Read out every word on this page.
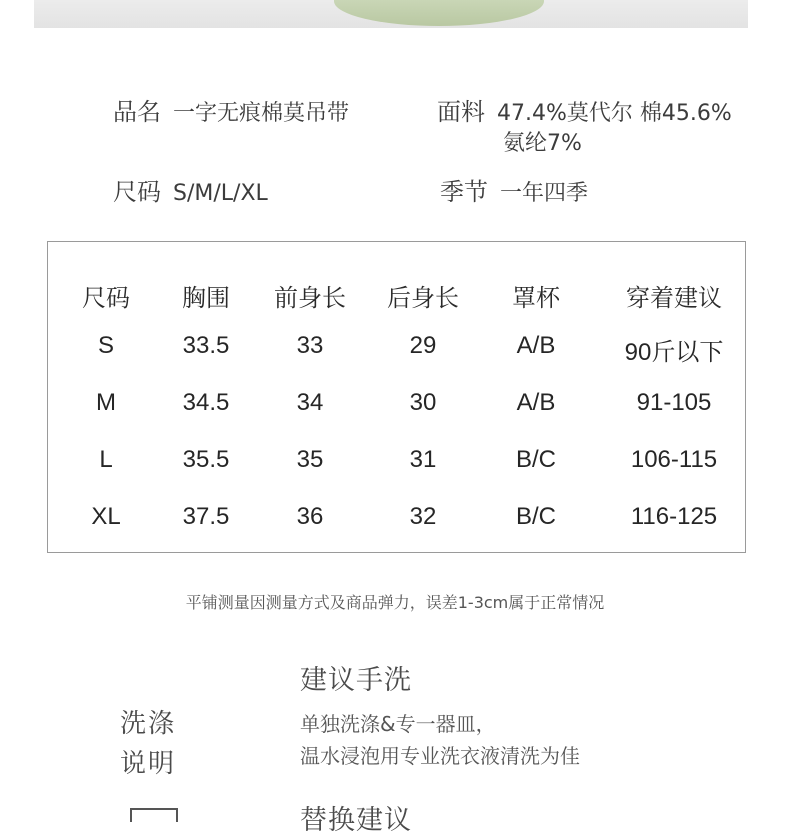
品名 一字无痕棉莫吊带	面料 47.4%莫代尔 棉45.6%
氨纶7%
尺码 S/M/L/XL	季节 一年四季
尺码 胸围 前身长 后身长 罩杯	穿着建议
S	33.5	33	29	A/B	90斤以下
M	34.5	34	30	A/B	91-105
L	35.5	35	31	B/C	106-115
XL	37.5	36	32	B/C	116-125
平铺测量因测量方式及商品弹力，误差1-3cm属于正常情况
洗涤
说明
建议手洗
单独洗涤&专一器皿，
温水浸泡用专业洗衣液清洗为佳
替换建议
